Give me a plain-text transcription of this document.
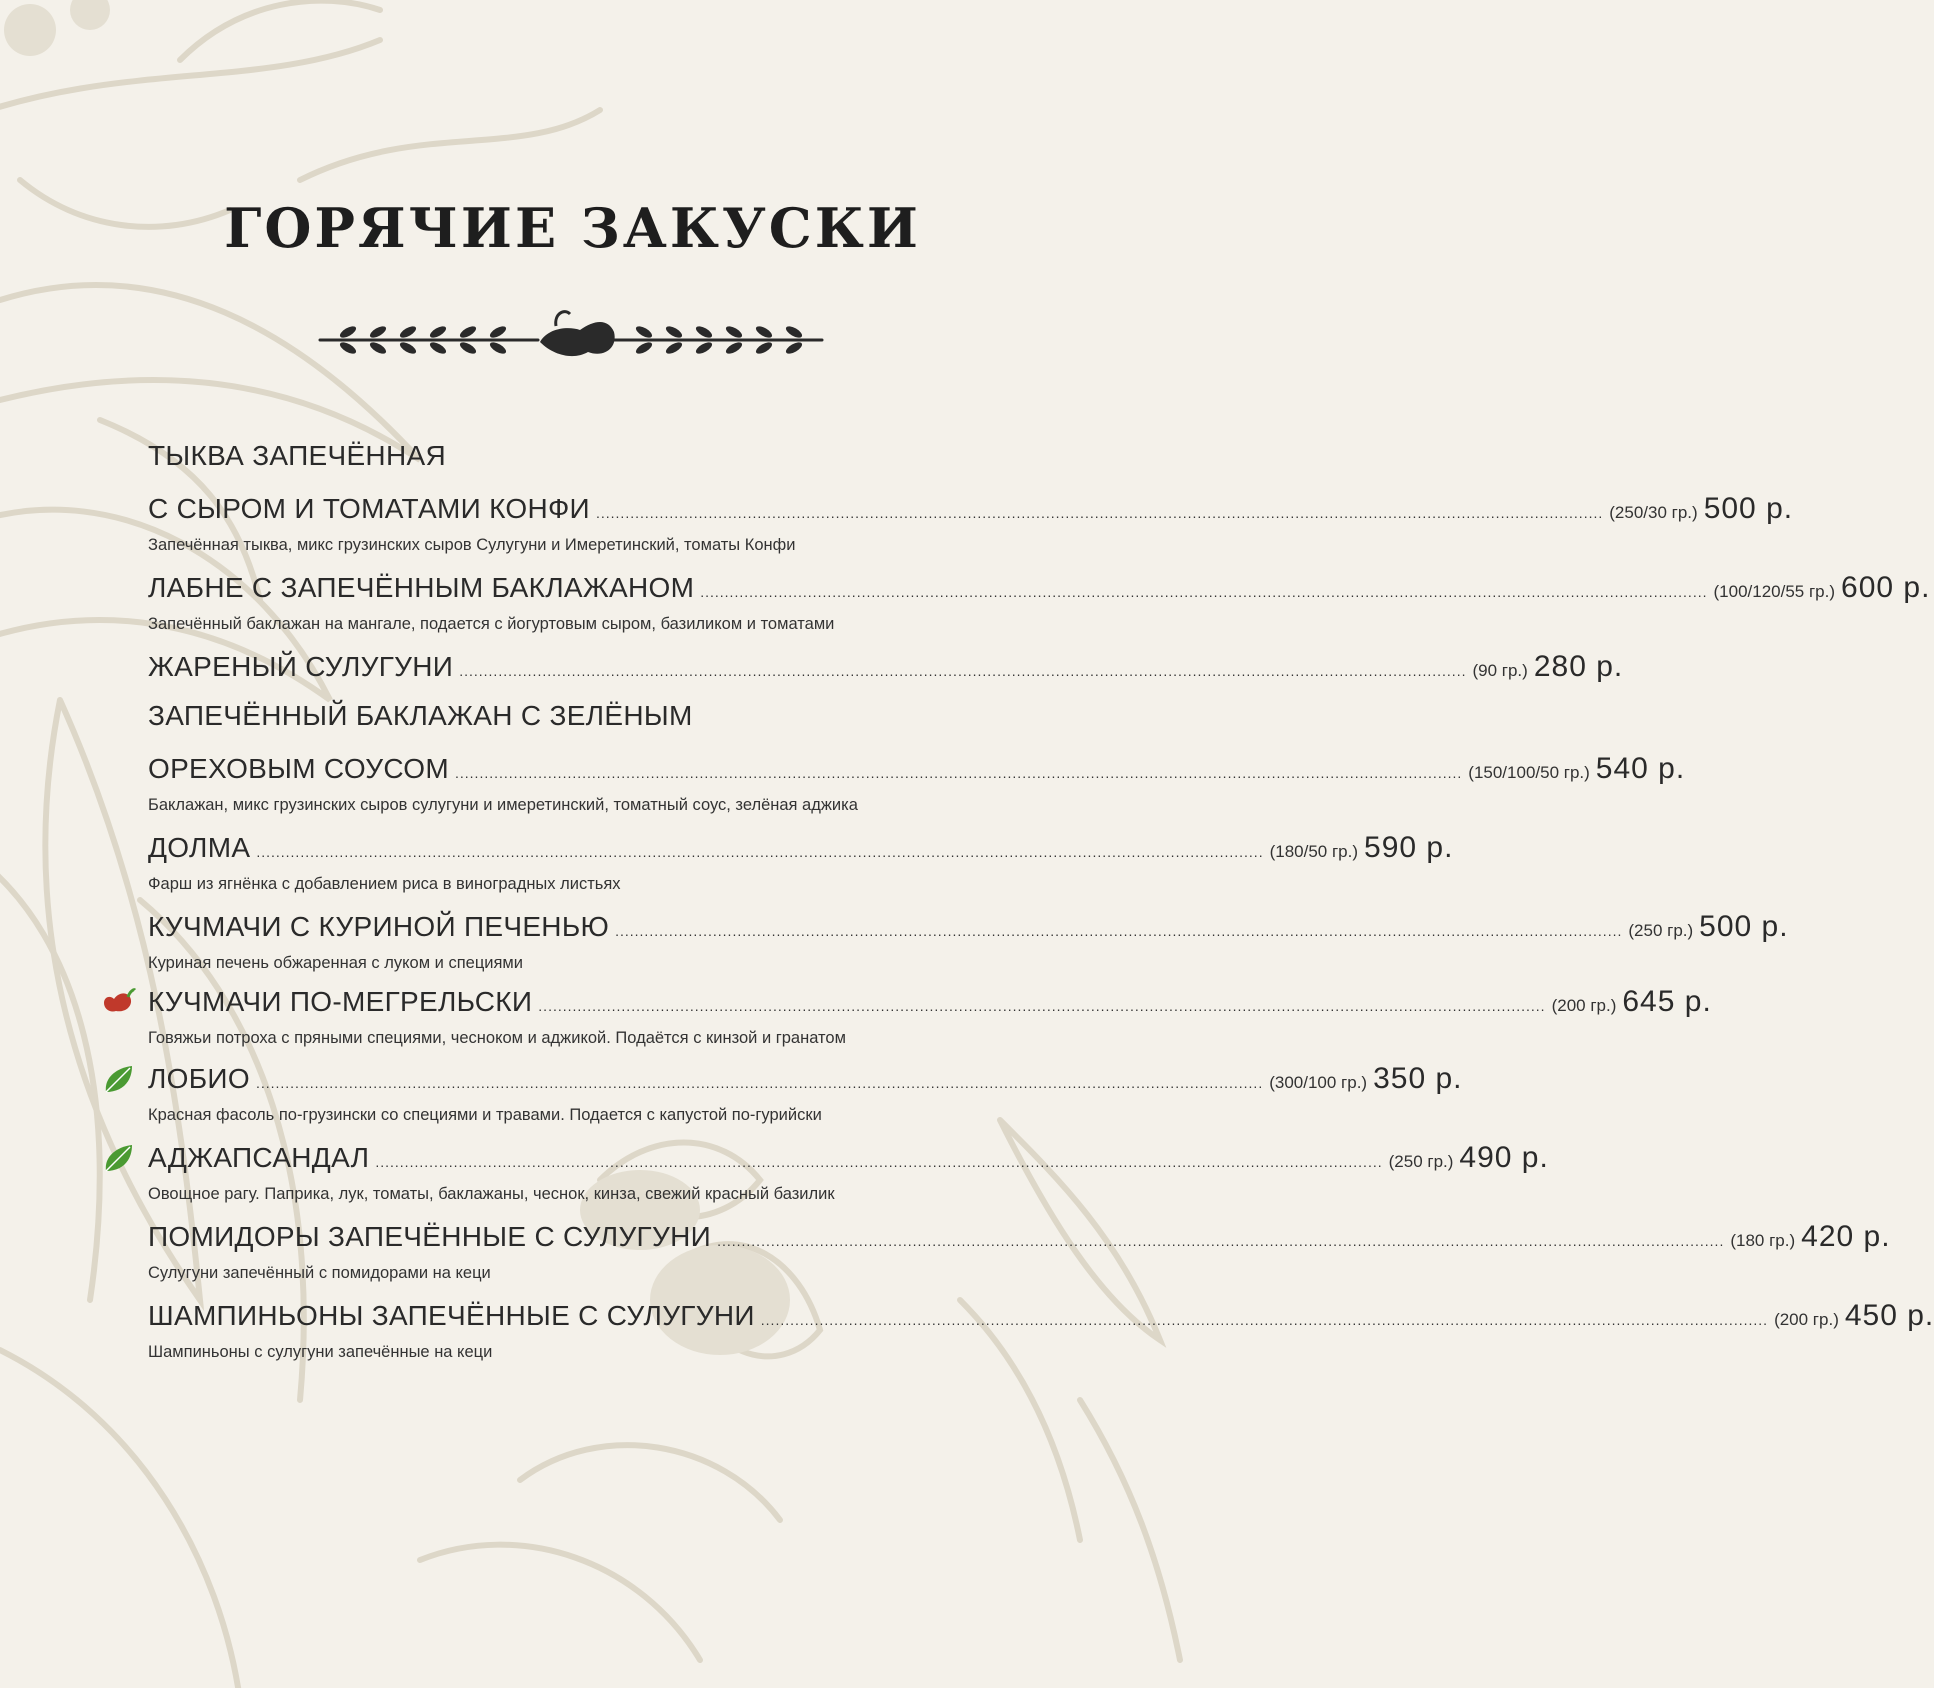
ГОРЯЧИЕ ЗАКУСКИ
ТЫКВА ЗАПЕЧЁННАЯ
С СЫРОМ И ТОМАТАМИ КОНФИ .............................................................................................................................................................................................................. (250/30 гр.) 500 р.
Запечённая тыква, микс грузинских сыров Сулугуни и Имеретинский, томаты Конфи
ЛАБНЕ С ЗАПЕЧЁННЫМ БАКЛАЖАНОМ .............................................................................................................................................................................................................. (100/120/55 гр.) 600 р.
Запечённый баклажан на мангале, подается с йогуртовым сыром, базиликом и томатами
ЖАРЕНЫЙ СУЛУГУНИ .............................................................................................................................................................................................................. (90 гр.) 280 р.
ЗАПЕЧЁННЫЙ БАКЛАЖАН С ЗЕЛЁНЫМ
ОРЕХОВЫМ СОУСОМ .............................................................................................................................................................................................................. (150/100/50 гр.) 540 р.
Баклажан, микс грузинских сыров сулугуни и имеретинский, томатный соус, зелёная аджика
ДОЛМА .............................................................................................................................................................................................................. (180/50 гр.) 590 р.
Фарш из ягнёнка с добавлением риса в виноградных листьях
КУЧМАЧИ С КУРИНОЙ ПЕЧЕНЬЮ .............................................................................................................................................................................................................. (250 гр.) 500 р.
Куриная печень обжаренная с луком и специями
КУЧМАЧИ ПО-МЕГРЕЛЬСКИ .............................................................................................................................................................................................................. (200 гр.) 645 р.
Говяжьи потроха с пряными специями, чесноком и аджикой. Подаётся с кинзой и гранатом
ЛОБИО .............................................................................................................................................................................................................. (300/100 гр.) 350 р.
Красная фасоль по-грузински со специями и травами. Подается с капустой по-гурийски
АДЖАПСАНДАЛ .............................................................................................................................................................................................................. (250 гр.) 490 р.
Овощное рагу. Паприка, лук, томаты, баклажаны, чеснок, кинза, свежий красный базилик
ПОМИДОРЫ ЗАПЕЧЁННЫЕ С СУЛУГУНИ .............................................................................................................................................................................................................. (180 гр.) 420 р.
Сулугуни запечённый с помидорами на кеци
ШАМПИНЬОНЫ ЗАПЕЧЁННЫЕ С СУЛУГУНИ .............................................................................................................................................................................................................. (200 гр.) 450 р.
Шампиньоны с сулугуни запечённые на кеци
